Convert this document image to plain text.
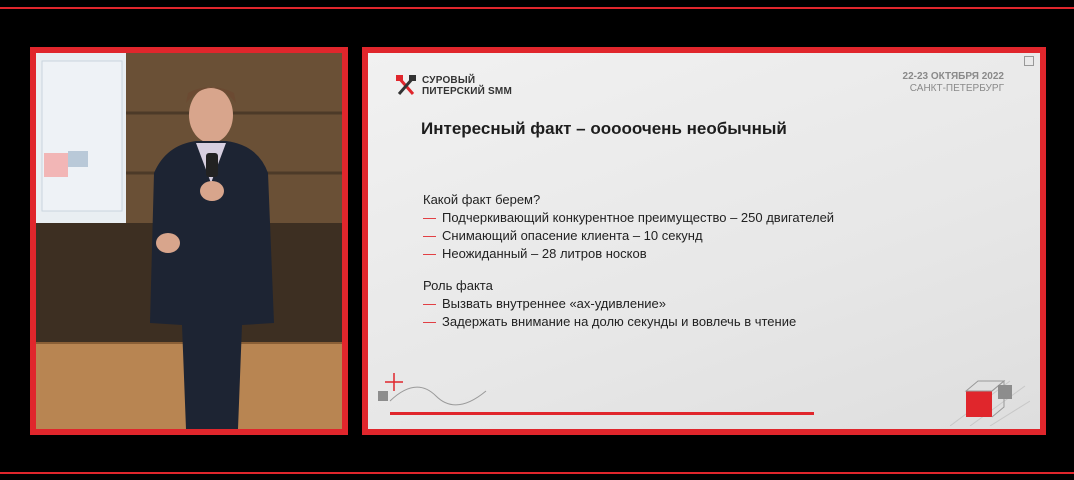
СУРОВЫЙ
ПИТЕРСКИЙ SMM
22-23 ОКТЯБРЯ 2022
САНКТ-ПЕТЕРБУРГ
Интересный факт – ооооочень необычный
Какой факт берем?
— Подчеркивающий конкурентное преимущество – 250 двигателей
— Снимающий опасение клиента – 10 секунд
— Неожиданный – 28 литров носков
Роль факта
— Вызвать внутреннее «ах-удивление»
— Задержать внимание на долю секунды и вовлечь в чтение
